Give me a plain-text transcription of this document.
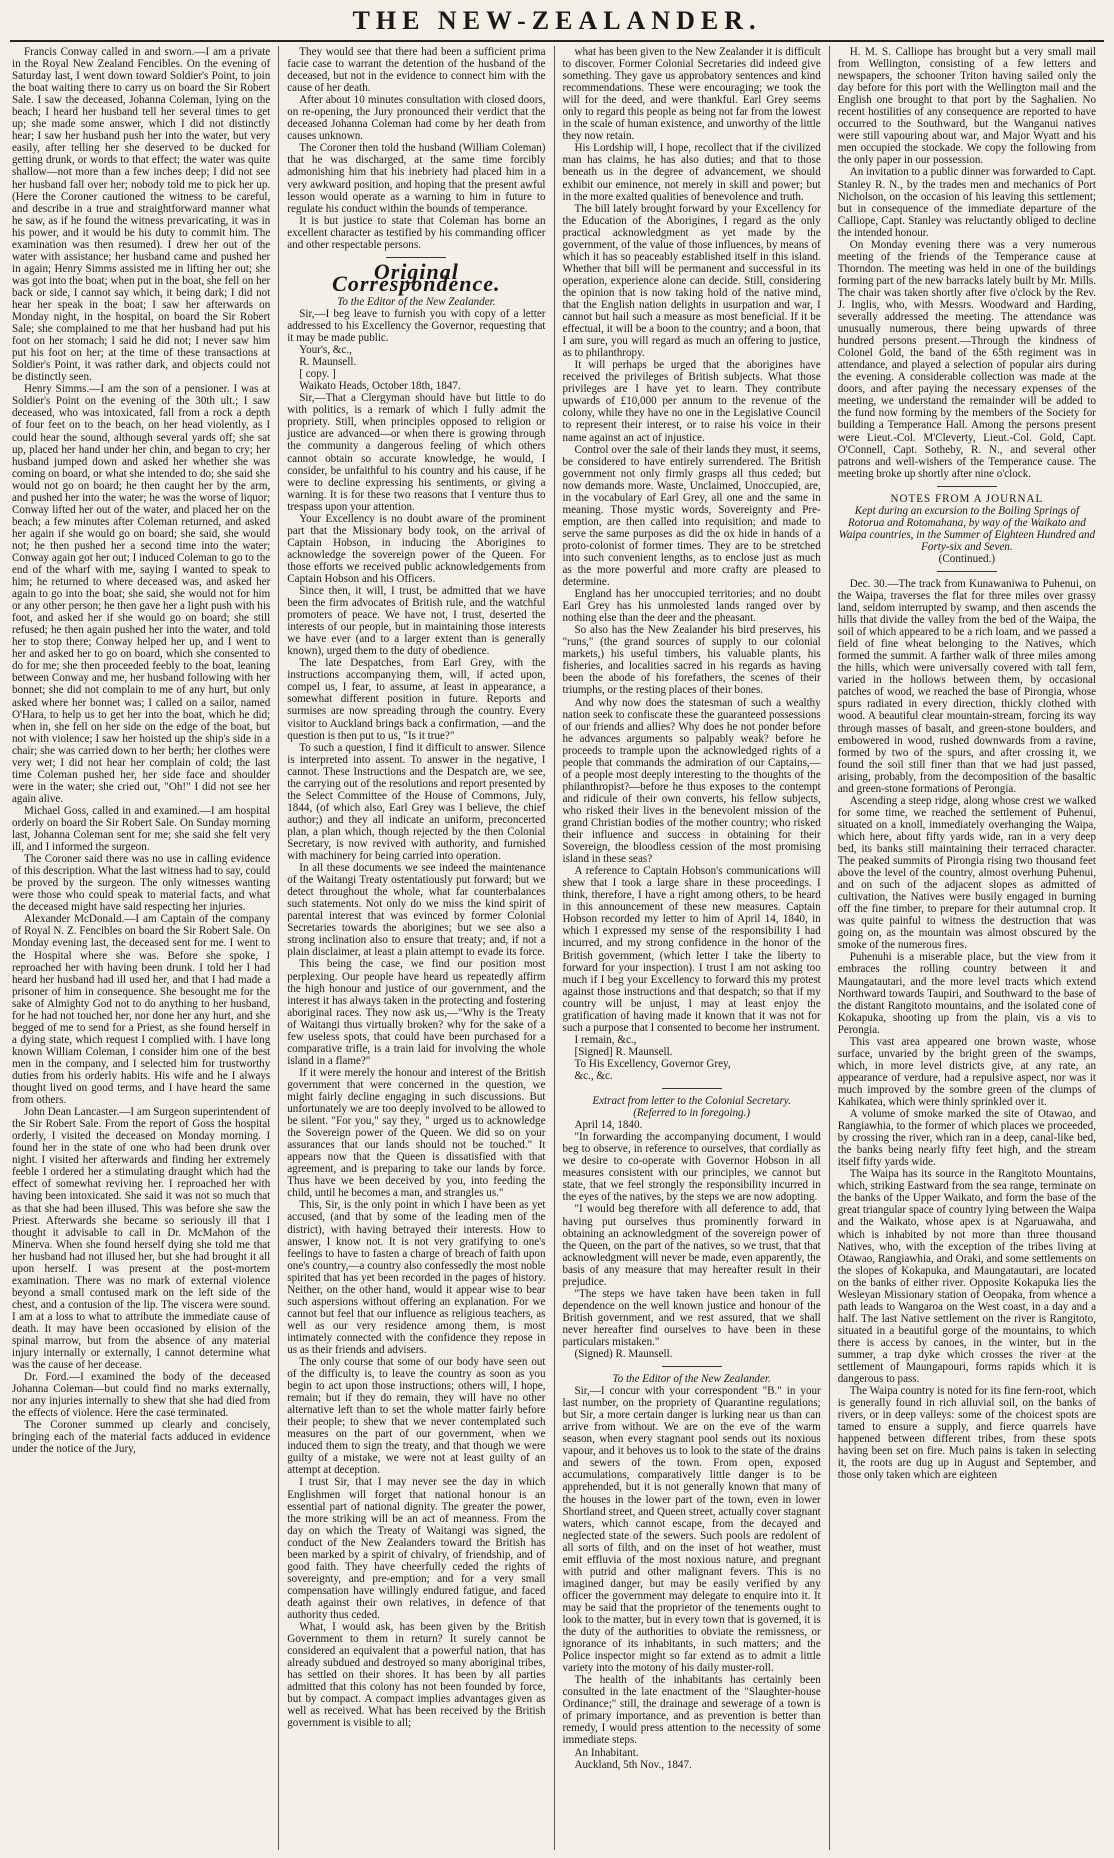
THE NEW-ZEALANDER.

Francis Conway called in and sworn.—I am a private in the Royal New Zealand Fencibles. On the evening of Saturday last, I went down toward Soldier's Point, to join the boat waiting there to carry us on board the Sir Robert Sale. I saw the deceased, Johanna Coleman, lying on the beach; I heard her husband tell her several times to get up; she made some answer, which I did not distinctly hear; I saw her husband push her into the water, but very easily, after telling her she deserved to be ducked for getting drunk, or words to that effect; the water was quite shallow—not more than a few inches deep; I did not see her husband fall over her; nobody told me to pick her up. (Here the Coroner cautioned the witness to be careful, and describe in a true and straightforward manner what he saw, as if he found the witness prevaricating, it was in his power, and it would be his duty to commit him. The examination was then resumed). I drew her out of the water with assistance; her husband came and pushed her in again; Henry Simms assisted me in lifting her out; she was got into the boat; when put in the boat, she fell on her back or side, I cannot say which, it being dark; I did not hear her speak in the boat; I saw her afterwards on Monday night, in the hospital, on board the Sir Robert Sale; she complained to me that her husband had put his foot on her stomach; I said he did not; I never saw him put his foot on her; at the time of these transactions at Soldier's Point, it was rather dark, and objects could not be distinctly seen.

Henry Simms.—I am the son of a pensioner. I was at Soldier's Point on the evening of the 30th ult.; I saw deceased, who was intoxicated, fall from a rock a depth of four feet on to the beach, on her head violently, as I could hear the sound, although several yards off; she sat up, placed her hand under her chin, and began to cry; her husband jumped down and asked her whether she was coming on board, or what she intended to do; she said she would not go on board; he then caught her by the arm, and pushed her into the water; he was the worse of liquor; Conway lifted her out of the water, and placed her on the beach; a few minutes after Coleman returned, and asked her again if she would go on board; she said, she would not; he then pushed her a second time into the water; Conway again got her out; I induced Coleman to go to the end of the wharf with me, saying I wanted to speak to him; he returned to where deceased was, and asked her again to go into the boat; she said, she would not for him or any other person; he then gave her a light push with his foot, and asked her if she would go on board; she still refused; he then again pushed her into the water, and told her to stop there; Conway helped her up, and I went to her and asked her to go on board, which she consented to do for me; she then proceeded feebly to the boat, leaning between Conway and me, her husband following with her bonnet; she did not complain to me of any hurt, but only asked where her bonnet was; I called on a sailor, named O'Hara, to help us to get her into the boat, which he did; when in, she fell on her side on the edge of the boat, but not with violence; I saw her hoisted up the ship's side in a chair; she was carried down to her berth; her clothes were very wet; I did not hear her complain of cold; the last time Coleman pushed her, her side face and shoulder were in the water; she cried out, "Oh!" I did not see her again alive.

Michael Goss, called in and examined.—I am hospital orderly on board the Sir Robert Sale. On Sunday morning last, Johanna Coleman sent for me; she said she felt very ill, and I informed the surgeon.

The Coroner said there was no use in calling evidence of this description. What the last witness had to say, could be proved by the surgeon. The only witnesses wanting were those who could speak to material facts, and what the deceased might have said respecting her injuries.

Alexander McDonald.—I am Captain of the company of Royal N. Z. Fencibles on board the Sir Robert Sale. On Monday evening last, the deceased sent for me. I went to the Hospital where she was. Before she spoke, I reproached her with having been drunk. I told her I had heard her husband had ill used her, and that I had made a prisoner of him in consequence. She besought me for the sake of Almighty God not to do anything to her husband, for he had not touched her, nor done her any hurt, and she begged of me to send for a Priest, as she found herself in a dying state, which request I complied with. I have long known William Coleman, I consider him one of the best men in the company, and I selected him for trustworthy duties from his orderly habits. His wife and he I always thought lived on good terms, and I have heard the same from others.

John Dean Lancaster.—I am Surgeon superintendent of the Sir Robert Sale. From the report of Goss the hospital orderly, I visited the deceased on Monday morning. I found her in the state of one who had been drunk over night. I visited her afterwards and finding her extremely feeble I ordered her a stimulating draught which had the effect of somewhat reviving her. I reproached her with having been intoxicated. She said it was not so much that as that she had been illused. This was before she saw the Priest. Afterwards she became so seriously ill that I thought it advisable to call in Dr. McMahon of the Minerva. When she found herself dying she told me that her husband had not illused her, but she had brought it all upon herself. I was present at the post-mortem examination. There was no mark of external violence beyond a small contused mark on the left side of the chest, and a contusion of the lip. The viscera were sound. I am at a loss to what to attribute the immediate cause of death. It may have been occasioned by elision of the spinal marrow, but from the absence of any material injury internally or externally, I cannot determine what was the cause of her decease.

Dr. Ford.—I examined the body of the deceased Johanna Coleman—but could find no marks externally, nor any injuries internally to shew that she had died from the effects of violence. Here the case terminated.

The Coroner summed up clearly and concisely, bringing each of the material facts adduced in evidence under the notice of the Jury,

They would see that there had been a sufficient prima facie case to warrant the detention of the husband of the deceased, but not in the evidence to connect him with the cause of her death.

After about 10 minutes consultation with closed doors, on re-opening, the Jury pronounced their verdict that the deceased Johanna Coleman had come by her death from causes unknown.

The Coroner then told the husband (William Coleman) that he was discharged, at the same time forcibly admonishing him that his inebriety had placed him in a very awkward position, and hoping that the present awful lesson would operate as a warning to him in future to regulate his conduct within the bounds of temperance.

It is but justice to state that Coleman has borne an excellent character as testified by his commanding officer and other respectable persons.

Original Correspondence.

To the Editor of the New Zealander.

Sir,—I beg leave to furnish you with copy of a letter addressed to his Excellency the Governor, requesting that it may be made public.

Your's, &c.,

R. Maunsell.

[ copy. ]

Waikato Heads, October 18th, 1847.

Sir,—That a Clergyman should have but little to do with politics, is a remark of which I fully admit the propriety. Still, when principles opposed to religion or justice are advanced—or when there is growing through the community a dangerous feeling of which others cannot obtain so accurate knowledge, he would, I consider, be unfaithful to his country and his cause, if he were to decline expressing his sentiments, or giving a warning. It is for these two reasons that I venture thus to trespass upon your attention.

Your Excellency is no doubt aware of the prominent part that the Missionary body took, on the arrival of Captain Hobson, in inducing the Aborigines to acknowledge the sovereign power of the Queen. For those efforts we received public acknowledgements from Captain Hobson and his Officers.

Since then, it will, I trust, be admitted that we have been the firm advocates of British rule, and the watchful promoters of peace. We have not, I trust, deserted the interests of our people, but in maintaining those interests we have ever (and to a larger extent than is generally known), urged them to the duty of obedience.

The late Despatches, from Earl Grey, with the instructions accompanying them, will, if acted upon, compel us, I fear, to assume, at least in appearance, a somewhat different position in future. Reports and surmises are now spreading through the country. Every visitor to Auckland brings back a confirmation, —and the question is then put to us, "Is it true?"

To such a question, I find it difficult to answer. Silence is interpreted into assent. To answer in the negative, I cannot. These Instructions and the Despatch are, we see, the carrying out of the resolutions and report presented by the Select Committee of the House of Commons, July, 1844, (of which also, Earl Grey was I believe, the chief author;) and they all indicate an uniform, preconcerted plan, a plan which, though rejected by the then Colonial Secretary, is now revived with authority, and furnished with machinery for being carried into operation.

In all these documents we see indeed the maintenance of the Waitangi Treaty ostentatiously put forward; but we detect throughout the whole, what far counterbalances such statements. Not only do we miss the kind spirit of parental interest that was evinced by former Colonial Secretaries towards the aborigines; but we see also a strong inclination also to ensure that treaty; and, if not a plain disclaimer, at least a plain attempt to evade its force.

This being the case, we find our position most perplexing. Our people have heard us repeatedly affirm the high honour and justice of our government, and the interest it has always taken in the protecting and fostering aboriginal races. They now ask us,—"Why is the Treaty of Waitangi thus virtually broken? why for the sake of a few useless spots, that could have been purchased for a comparative trifle, is a train laid for involving the whole island in a flame?"

If it were merely the honour and interest of the British government that were concerned in the question, we might fairly decline engaging in such discussions. But unfortunately we are too deeply involved to be allowed to be silent. "For you," say they, " urged us to acknowledge the Sovereign power of the Queen. We did so on your assurances that our lands should not be touched." It appears now that the Queen is dissatisfied with that agreement, and is preparing to take our lands by force. Thus have we been deceived by you, into feeding the child, until he becomes a man, and strangles us."

This, Sir, is the only point in which I have been as yet accused, (and that by some of the leading men of the district), with having betrayed their interests. How to answer, I know not. It is not very gratifying to one's feelings to have to fasten a charge of breach of faith upon one's country,—a country also confessedly the most noble spirited that has yet been recorded in the pages of history. Neither, on the other hand, would it appear wise to bear such aspersions without offering an explanation. For we cannot but feel that our influence as religious teachers, as well as our very residence among them, is most intimately connected with the confidence they repose in us as their friends and advisers.

The only course that some of our body have seen out of the difficulty is, to leave the country as soon as you begin to act upon those instructions; others will, I hope, remain; but if they do remain, they will have no other alternative left than to set the whole matter fairly before their people; to shew that we never contemplated such measures on the part of our government, when we induced them to sign the treaty, and that though we were guilty of a mistake, we were not at least guilty of an attempt at deception.

I trust Sir, that I may never see the day in which Englishmen will forget that national honour is an essential part of national dignity. The greater the power, the more striking will be an act of meanness. From the day on which the Treaty of Waitangi was signed, the conduct of the New Zealanders toward the British has been marked by a spirit of chivalry, of friendship, and of good faith. They have cheerfully ceded the rights of sovereignty, and pre-emption; and for a very small compensation have willingly endured fatigue, and faced death against their own relatives, in defence of that authority thus ceded.

What, I would ask, has been given by the British Government to them in return? It surely cannot be considered an equivalent that a powerful nation, that has already subdued and destroyed so many aboriginal tribes, has settled on their shores. It has been by all parties admitted that this colony has not been founded by force, but by compact. A compact implies advantages given as well as received. What has been received by the British government is visible to all;

what has been given to the New Zealander it is difficult to discover. Former Colonial Secretaries did indeed give something. They gave us approbatory sentences and kind recommendations. These were encouraging; we took the will for the deed, and were thankful. Earl Grey seems only to regard this people as being not far from the lowest in the scale of human existence, and unworthy of the little they now retain.

His Lordship will, I hope, recollect that if the civilized man has claims, he has also duties; and that to those beneath us in the degree of advancement, we should exhibit our eminence, not merely in skill and power; but in the more exalted qualities of benevolence and truth.

The bill lately brought forward by your Excellency for the Education of the Aborigines, I regard as the only practical acknowledgment as yet made by the government, of the value of those influences, by means of which it has so peaceably established itself in this island. Whether that bill will be permanent and successful in its operation, experience alone can decide. Still, considering the opinion that is now taking hold of the native mind, that the English nation delights in usurpation and war, I cannot but hail such a measure as most beneficial. If it be effectual, it will be a boon to the country; and a boon, that I am sure, you will regard as much an offering to justice, as to philanthropy.

It will perhaps be urged that the aborigines have received the privileges of British subjects. What those privileges are I have yet to learn. They contribute upwards of £10,000 per annum to the revenue of the colony, while they have no one in the Legislative Council to represent their interest, or to raise his voice in their name against an act of injustice.

Control over the sale of their lands they must, it seems, be considered to have entirely surrendered. The British government not only firmly grasps all thus ceded; but now demands more. Waste, Unclaimed, Unoccupied, are, in the vocabulary of Earl Grey, all one and the same in meaning. Those mystic words, Sovereignty and Pre-emption, are then called into requisition; and made to serve the same purposes as did the ox hide in hands of a proto-colonist of former times. They are to be stretched into such convenient lengths, as to enclose just as much as the more powerful and more crafty are pleased to determine.

England has her unoccupied territories; and no doubt Earl Grey has his unmolested lands ranged over by nothing else than the deer and the pheasant.

So also has the New Zealander his bird preserves, his "runs," (the grand sources of supply to our colonial markets,) his useful timbers, his valuable plants, his fisheries, and localities sacred in his regards as having been the abode of his forefathers, the scenes of their triumphs, or the resting places of their bones.

And why now does the statesman of such a wealthy nation seek to confiscate these the guaranteed possessions of our friends and allies? Why does he not ponder before he advances arguments so palpably weak? before he proceeds to trample upon the acknowledged rights of a people that commands the admiration of our Captains,—of a people most deeply interesting to the thoughts of the philanthropist?—before he thus exposes to the contempt and ridicule of their own converts, his fellow subjects, who risked their lives in the benevolent mission of the grand Christian bodies of the mother country; who risked their influence and success in obtaining for their Sovereign, the bloodless cession of the most promising island in these seas?

A reference to Captain Hobson's communications will shew that I took a large share in these proceedings. I think, therefore, I have a right among others, to be heard in this announcement of these new measures. Captain Hobson recorded my letter to him of April 14, 1840, in which I expressed my sense of the responsibility I had incurred, and my strong confidence in the honor of the British government, (which letter I take the liberty to forward for your inspection). I trust I am not asking too much if I beg your Excellency to forward this my protest against those instructions and that despatch; so that if my country will be unjust, I may at least enjoy the gratification of having made it known that it was not for such a purpose that I consented to become her instrument.

I remain, &c.,

[Signed] R. Maunsell.

To His Excellency, Governor Grey,

&c., &c.

Extract from letter to the Colonial Secretary.

(Referred to in foregoing.)

April 14, 1840.

"In forwarding the accompanying document, I would beg to observe, in reference to ourselves, that cordially as we desire to co-operate with Governor Hobson in all measures consistent with our principles, we cannot but state, that we feel strongly the responsibility incurred in the eyes of the natives, by the steps we are now adopting.

"I would beg therefore with all deference to add, that having put ourselves thus prominently forward in obtaining an acknowledgment of the sovereign power of the Queen, on the part of the natives, so we trust, that that acknowledgment will never be made, even apparently, the basis of any measure that may hereafter result in their prejudice.

"The steps we have taken have been taken in full dependence on the well known justice and honour of the British government, and we rest assured, that we shall never hereafter find ourselves to have been in these particulars mistaken."

(Signed) R. Maunsell.

To the Editor of the New Zealander.

Sir,—I concur with your correspondent "B." in your last number, on the propriety of Quarantine regulations; but Sir, a more certain danger is lurking near us than can arrive from without. We are on the eve of the warm season, when every stagnant pool sends out its noxious vapour, and it behoves us to look to the state of the drains and sewers of the town. From open, exposed accumulations, comparatively little danger is to be apprehended, but it is not generally known that many of the houses in the lower part of the town, even in lower Shortland street, and Queen street, actually cover stagnant waters, which cannot escape, from the decayed and neglected state of the sewers. Such pools are redolent of all sorts of filth, and on the inset of hot weather, must emit effluvia of the most noxious nature, and pregnant with putrid and other malignant fevers. This is no imagined danger, but may be easily verified by any officer the government may delegate to enquire into it. It may be said that the proprietor of the tenements ought to look to the matter, but in every town that is governed, it is the duty of the authorities to obviate the remissness, or ignorance of its inhabitants, in such matters; and the Police inspector might so far extend as to admit a little variety into the motony of his daily muster-roll.

The health of the inhabitants has certainly been consulted in the late enactment of the "Slaughter-house Ordinance;" still, the drainage and sewerage of a town is of primary importance, and as prevention is better than remedy, I would press attention to the necessity of some immediate steps.

An Inhabitant.

Auckland, 5th Nov., 1847.

H. M. S. Calliope has brought but a very small mail from Wellington, consisting of a few letters and newspapers, the schooner Triton having sailed only the day before for this port with the Wellington mail and the English one brought to that port by the Saghalien. No recent hostilities of any consequence are reported to have occurred to the Southward, but the Wanganui natives were still vapouring about war, and Major Wyatt and his men occupied the stockade. We copy the following from the only paper in our possession.

An invitation to a public dinner was forwarded to Capt. Stanley R. N., by the trades men and mechanics of Port Nicholson, on the occasion of his leaving this settlement; but in consequence of the immediate departure of the Calliope, Capt. Stanley was reluctantly obliged to decline the intended honour.

On Monday evening there was a very numerous meeting of the friends of the Temperance cause at Thorndon. The meeting was held in one of the buildings forming part of the new barracks lately built by Mr. Mills. The chair was taken shortly after five o'clock by the Rev. J. Inglis, who, with Messrs. Woodward and Harding, severally addressed the meeting. The attendance was unusually numerous, there being upwards of three hundred persons present.—Through the kindness of Colonel Gold, the band of the 65th regiment was in attendance, and played a selection of popular airs during the evening. A considerable collection was made at the doors, and after paying the necessary expenses of the meeting, we understand the remainder will be added to the fund now forming by the members of the Society for building a Temperance Hall. Among the persons present were Lieut.-Col. M'Cleverty, Lieut.-Col. Gold, Capt. O'Connell, Capt. Sotheby, R. N., and several other patrons and well-wishers of the Temperance cause. The meeting broke up shortly after nine o'clock.

NOTES FROM A JOURNAL

Kept during an excursion to the Boiling Springs of Rotorua and Rotomahana, by way of the Waikato and Waipa countries, in the Summer of Eighteen Hundred and Forty-six and Seven.

(Continued.)

Dec. 30.—The track from Kunawaniwa to Puhenui, on the Waipa, traverses the flat for three miles over grassy land, seldom interrupted by swamp, and then ascends the hills that divide the valley from the bed of the Waipa, the soil of which appeared to be a rich loam, and we passed a field of fine wheat belonging to the Natives, which formed the summit. A farther walk of three miles among the hills, which were universally covered with tall fern, varied in the hollows between them, by occasional patches of wood, we reached the base of Pirongia, whose spurs radiated in every direction, thickly clothed with wood. A beautiful clear mountain-stream, forcing its way through masses of basalt, and green-stone boulders, and embowered in wood, rushed downwards from a ravine, formed by two of the spurs, and after crossing it, we found the soil still finer than that we had just passed, arising, probably, from the decomposition of the basaltic and green-stone formations of Perongia.

Ascending a steep ridge, along whose crest we walked for some time, we reached the settlement of Puhenui, situated on a knoll, immediately overhanging the Waipa, which here, about fifty yards wide, ran in a very deep bed, its banks still maintaining their terraced character. The peaked summits of Pirongia rising two thousand feet above the level of the country, almost overhung Puhenui, and on such of the adjacent slopes as admitted of cultivation, the Natives were busily engaged in burning off the fine timber, to prepare for their autumnal crop. It was quite painful to witness the destruction that was going on, as the mountain was almost obscured by the smoke of the numerous fires.

Puhenuhi is a miserable place, but the view from it embraces the rolling country between it and Maungatautari, and the more level tracts which extend Northward towards Taupiri, and Southward to the base of the distant Rangitoto mountains, and the isolated cone of Kokapuka, shooting up from the plain, vis a vis to Perongia.

This vast area appeared one brown waste, whose surface, unvaried by the bright green of the swamps, which, in more level districts give, at any rate, an appearance of verdure, had a repulsive aspect, nor was it much improved by the sombre green of the clumps of Kahikatea, which were thinly sprinkled over it.

A volume of smoke marked the site of Otawao, and Rangiawhia, to the former of which places we proceeded, by crossing the river, which ran in a deep, canal-like bed, the banks being nearly fifty feet high, and the stream itself fifty yards wide.

The Waipa has its source in the Rangitoto Mountains, which, striking Eastward from the sea range, terminate on the banks of the Upper Waikato, and form the base of the great triangular space of country lying between the Waipa and the Waikato, whose apex is at Ngaruawaha, and which is inhabited by not more than three thousand Natives, who, with the exception of the tribes living at Otawao, Rangiawhia, and Oraki, and some settlements on the slopes of Kokapuka, and Maungatautari, are located on the banks of either river. Opposite Kokapuka lies the Wesleyan Missionary station of Oeopaka, from whence a path leads to Wangaroa on the West coast, in a day and a half. The last Native settlement on the river is Rangitoto, situated in a beautiful gorge of the mountains, to which there is access by canoes, in the winter, but in the summer, a trap dyke which crosses the river at the settlement of Maungapouri, forms rapids which it is dangerous to pass.

The Waipa country is noted for its fine fern-root, which is generally found in rich alluvial soil, on the banks of rivers, or in deep valleys: some of the choicest spots are tamed to ensure a supply, and fierce quarrels have happened between different tribes, from these spots having been set on fire. Much pains is taken in selecting it, the roots are dug up in August and September, and those only taken which are eighteen
